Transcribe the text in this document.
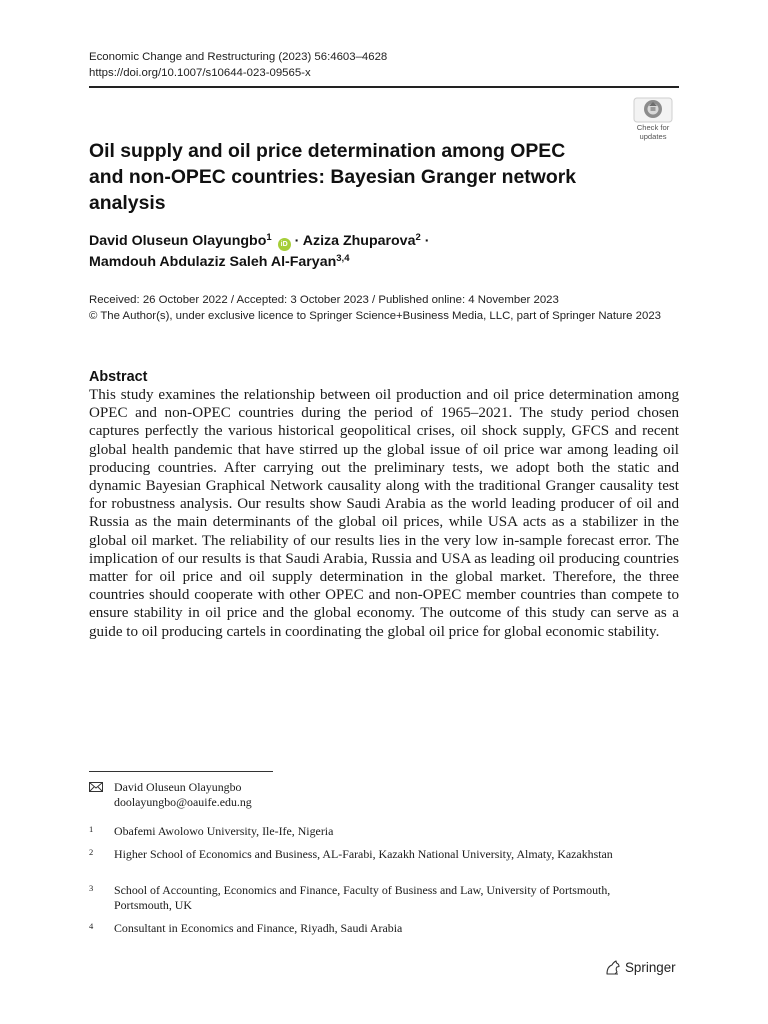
Economic Change and Restructuring (2023) 56:4603–4628
https://doi.org/10.1007/s10644-023-09565-x
Check for
updates
Oil supply and oil price determination among OPEC and non-OPEC countries: Bayesian Granger network analysis
David Oluseun Olayungbo$^1$ iD · Aziza Zhuparova$^2$ ·
Mamdouh Abdulaziz Saleh Al-Faryan$^{3,4}$
Received: 26 October 2022 / Accepted: 3 October 2023 / Published online: 4 November 2023
© The Author(s), under exclusive licence to Springer Science+Business Media, LLC, part of Springer Nature 2023
Abstract

This study examines the relationship between oil production and oil price determination among OPEC and non-OPEC countries during the period of 1965–2021. The study period chosen captures perfectly the various historical geopolitical crises, oil shock supply, GFCS and recent global health pandemic that have stirred up the global issue of oil price war among leading oil producing countries. After carrying out the preliminary tests, we adopt both the static and dynamic Bayesian Graphical Network causality along with the traditional Granger causality test for robustness analysis. Our results show Saudi Arabia as the world leading producer of oil and Russia as the main determinants of the global oil prices, while USA acts as a stabilizer in the global oil market. The reliability of our results lies in the very low in-sample forecast error. The implication of our results is that Saudi Arabia, Russia and USA as leading oil producing countries matter for oil price and oil supply determination in the global market. Therefore, the three countries should cooperate with other OPEC and non-OPEC member countries than compete to ensure stability in oil price and the global economy. The outcome of this study can serve as a guide to oil producing cartels in coordinating the global oil price for global economic stability.

David Oluseun Olayungbo
doolayungbo@oauife.edu.ng
1 Obafemi Awolowo University, Ile-Ife, Nigeria
2 Higher School of Economics and Business, AL-Farabi, Kazakh National University, Almaty, Kazakhstan
3 School of Accounting, Economics and Finance, Faculty of Business and Law, University of Portsmouth, Portsmouth, UK
4 Consultant in Economics and Finance, Riyadh, Saudi Arabia
Springer
